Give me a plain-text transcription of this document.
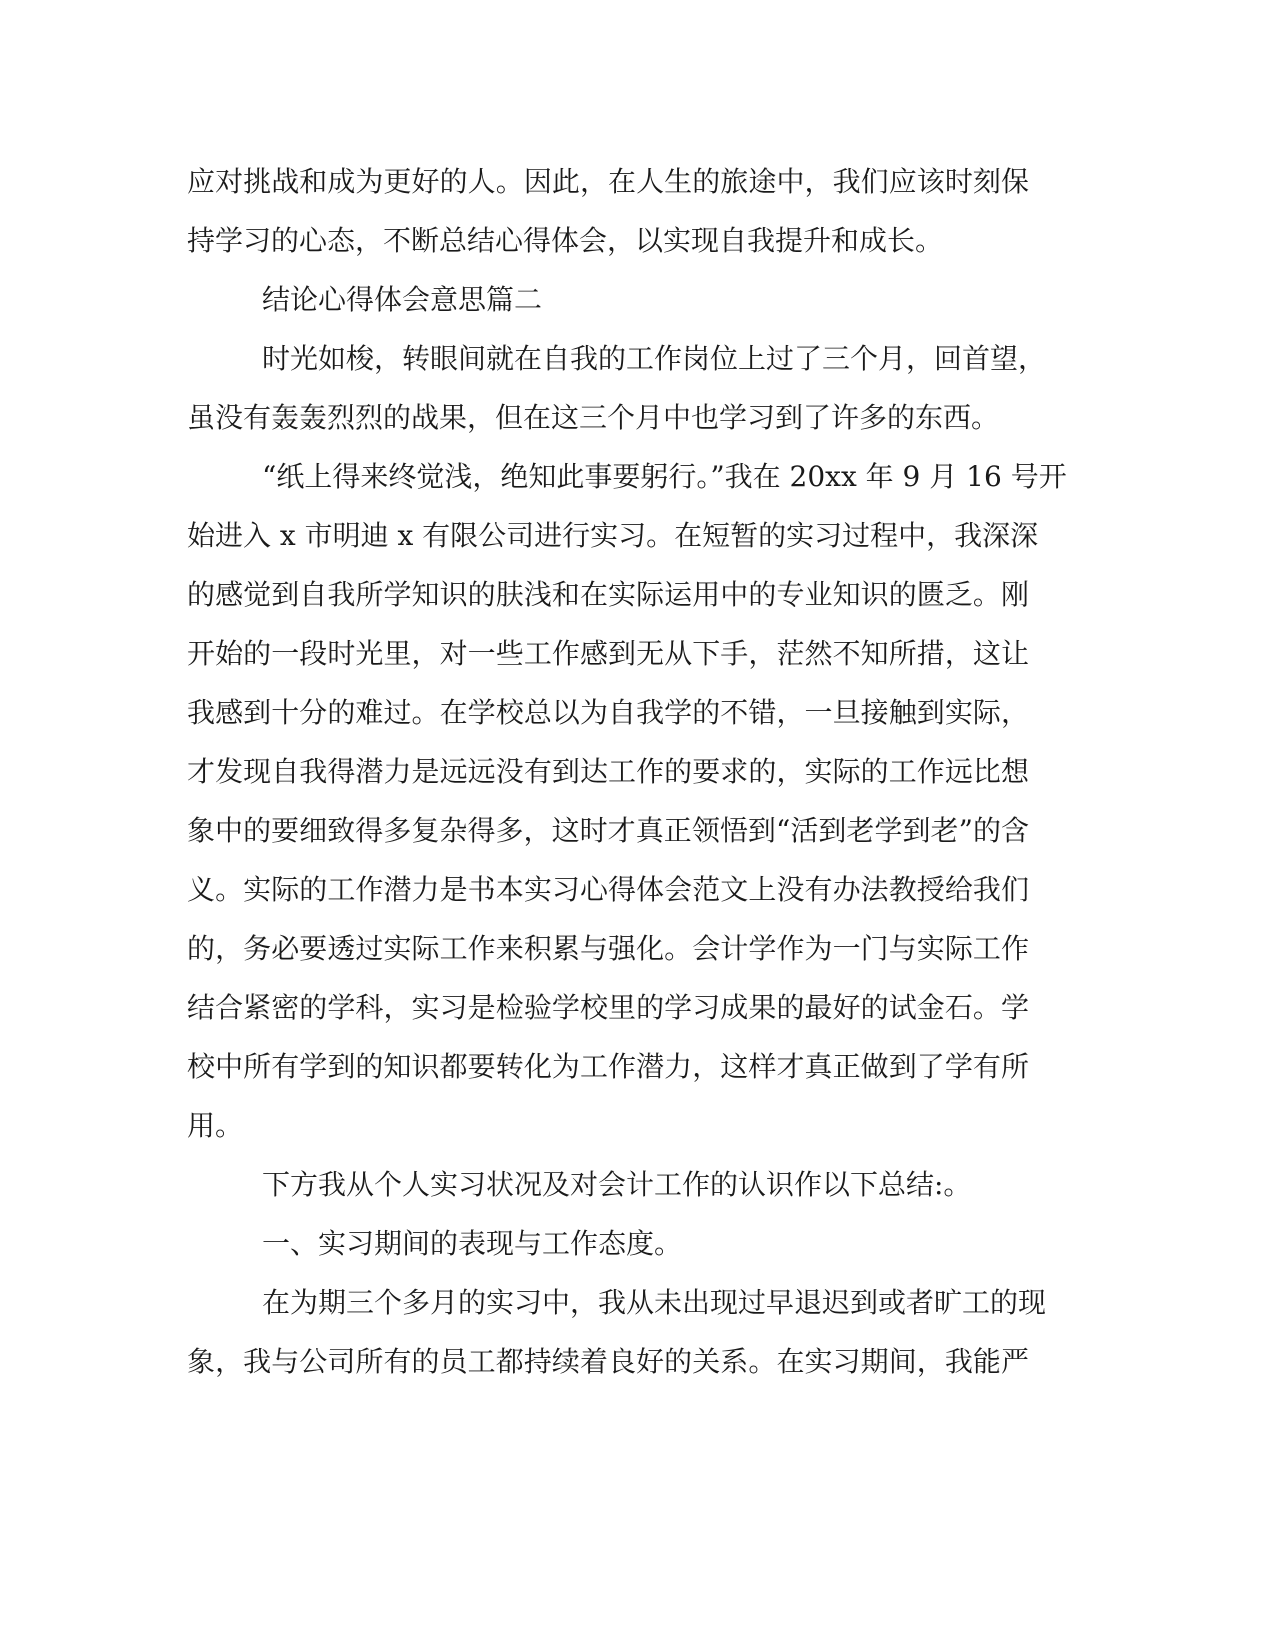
应对挑战和成为更好的人。因此，在人生的旅途中，我们应该时刻保
持学习的心态，不断总结心得体会，以实现自我提升和成长。
结论心得体会意思篇二
时光如梭，转眼间就在自我的工作岗位上过了三个月，回首望，
虽没有轰轰烈烈的战果，但在这三个月中也学习到了许多的东西。
“纸上得来终觉浅，绝知此事要躬行。”我在 20xx 年 9 月 16 号开
始进入 x 市明迪 x 有限公司进行实习。在短暂的实习过程中，我深深
的感觉到自我所学知识的肤浅和在实际运用中的专业知识的匮乏。刚
开始的一段时光里，对一些工作感到无从下手，茫然不知所措，这让
我感到十分的难过。在学校总以为自我学的不错，一旦接触到实际，
才发现自我得潜力是远远没有到达工作的要求的，实际的工作远比想
象中的要细致得多复杂得多，这时才真正领悟到“活到老学到老”的含
义。实际的工作潜力是书本实习心得体会范文上没有办法教授给我们
的，务必要透过实际工作来积累与强化。会计学作为一门与实际工作
结合紧密的学科，实习是检验学校里的学习成果的最好的试金石。学
校中所有学到的知识都要转化为工作潜力，这样才真正做到了学有所
用。
下方我从个人实习状况及对会计工作的认识作以下总结:。
一、实习期间的表现与工作态度。
在为期三个多月的实习中，我从未出现过早退迟到或者旷工的现
象，我与公司所有的员工都持续着良好的关系。在实习期间，我能严
